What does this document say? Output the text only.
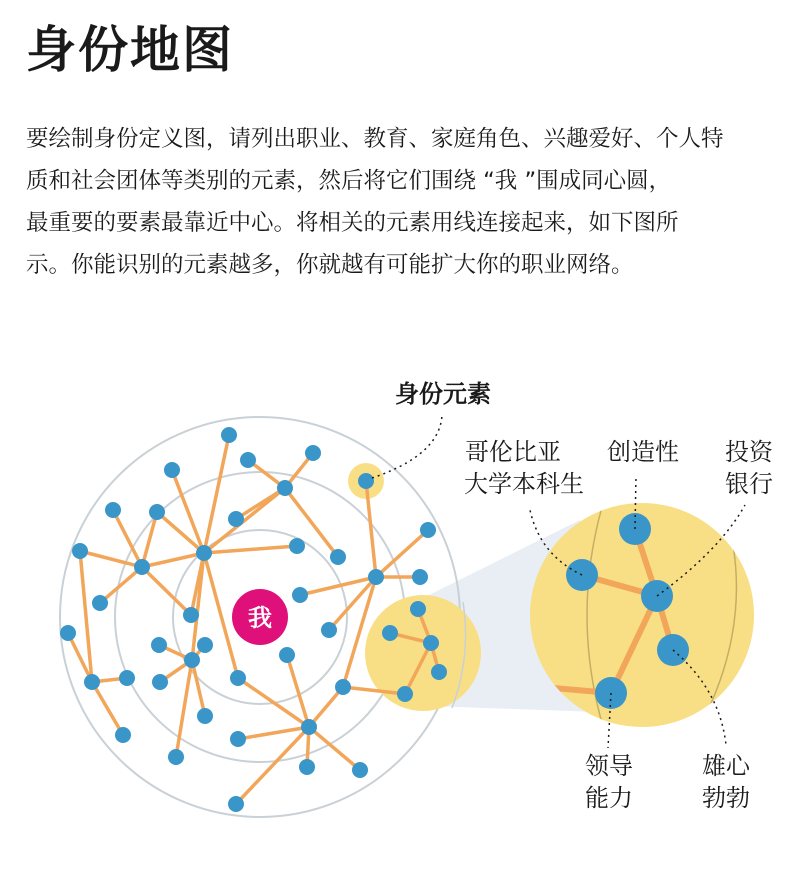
身份地图

要绘制身份定义图，请列出职业、教育、家庭角色、兴趣爱好、个人特

质和社会团体等类别的元素，然后将它们围绕 “我 ”围成同心圆，

最重要的要素最靠近中心。将相关的元素用线连接起来，如下图所

示。你能识别的元素越多，你就越有可能扩大你的职业网络。

我
身份元素
哥伦比亚
大学本科生
创造性 投资
银行
领导
能力
雄心
勃勃
